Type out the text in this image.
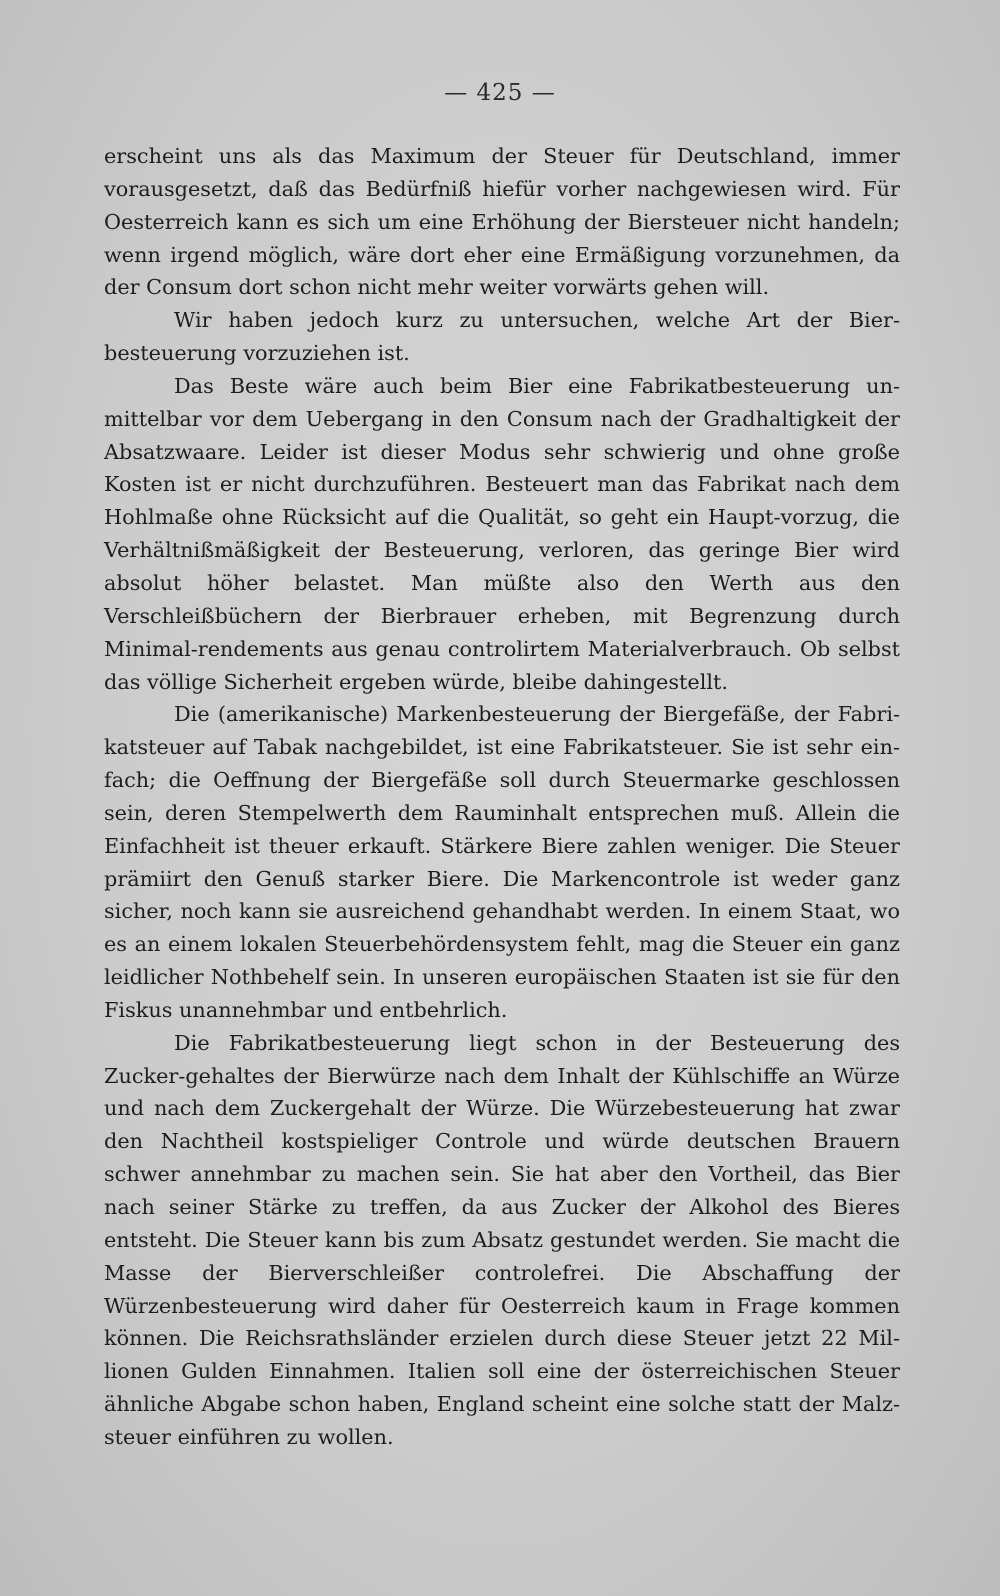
— 425 —

erscheint uns als das Maximum der Steuer für Deutschland, immer vorausgesetzt, daß das Bedürfniß hiefür vorher nachgewiesen wird. Für Oesterreich kann es sich um eine Erhöhung der Biersteuer nicht handeln; wenn irgend möglich, wäre dort eher eine Ermäßigung vorzunehmen, da der Consum dort schon nicht mehr weiter vorwärts gehen will.

Wir haben jedoch kurz zu untersuchen, welche Art der Bier-besteuerung vorzuziehen ist.

Das Beste wäre auch beim Bier eine Fabrikatbesteuerung un-mittelbar vor dem Uebergang in den Consum nach der Gradhaltigkeit der Absatzwaare. Leider ist dieser Modus sehr schwierig und ohne große Kosten ist er nicht durchzuführen. Besteuert man das Fabrikat nach dem Hohlmaße ohne Rücksicht auf die Qualität, so geht ein Haupt-vorzug, die Verhältnißmäßigkeit der Besteuerung, verloren, das geringe Bier wird absolut höher belastet. Man müßte also den Werth aus den Verschleißbüchern der Bierbrauer erheben, mit Begrenzung durch Minimal-rendements aus genau controlirtem Materialverbrauch. Ob selbst das völlige Sicherheit ergeben würde, bleibe dahingestellt.

Die (amerikanische) Markenbesteuerung der Biergefäße, der Fabri-katsteuer auf Tabak nachgebildet, ist eine Fabrikatsteuer. Sie ist sehr ein-fach; die Oeffnung der Biergefäße soll durch Steuermarke geschlossen sein, deren Stempelwerth dem Rauminhalt entsprechen muß. Allein die Einfachheit ist theuer erkauft. Stärkere Biere zahlen weniger. Die Steuer prämiirt den Genuß starker Biere. Die Markencontrole ist weder ganz sicher, noch kann sie ausreichend gehandhabt werden. In einem Staat, wo es an einem lokalen Steuerbehördensystem fehlt, mag die Steuer ein ganz leidlicher Nothbehelf sein. In unseren europäischen Staaten ist sie für den Fiskus unannehmbar und entbehrlich.

Die Fabrikatbesteuerung liegt schon in der Besteuerung des Zucker-gehaltes der Bierwürze nach dem Inhalt der Kühlschiffe an Würze und nach dem Zuckergehalt der Würze. Die Würzebesteuerung hat zwar den Nachtheil kostspieliger Controle und würde deutschen Brauern schwer annehmbar zu machen sein. Sie hat aber den Vortheil, das Bier nach seiner Stärke zu treffen, da aus Zucker der Alkohol des Bieres entsteht. Die Steuer kann bis zum Absatz gestundet werden. Sie macht die Masse der Bierverschleißer controlefrei. Die Abschaffung der Würzenbesteuerung wird daher für Oesterreich kaum in Frage kommen können. Die Reichsrathsländer erzielen durch diese Steuer jetzt 22 Mil-lionen Gulden Einnahmen. Italien soll eine der österreichischen Steuer ähnliche Abgabe schon haben, England scheint eine solche statt der Malz-steuer einführen zu wollen.
